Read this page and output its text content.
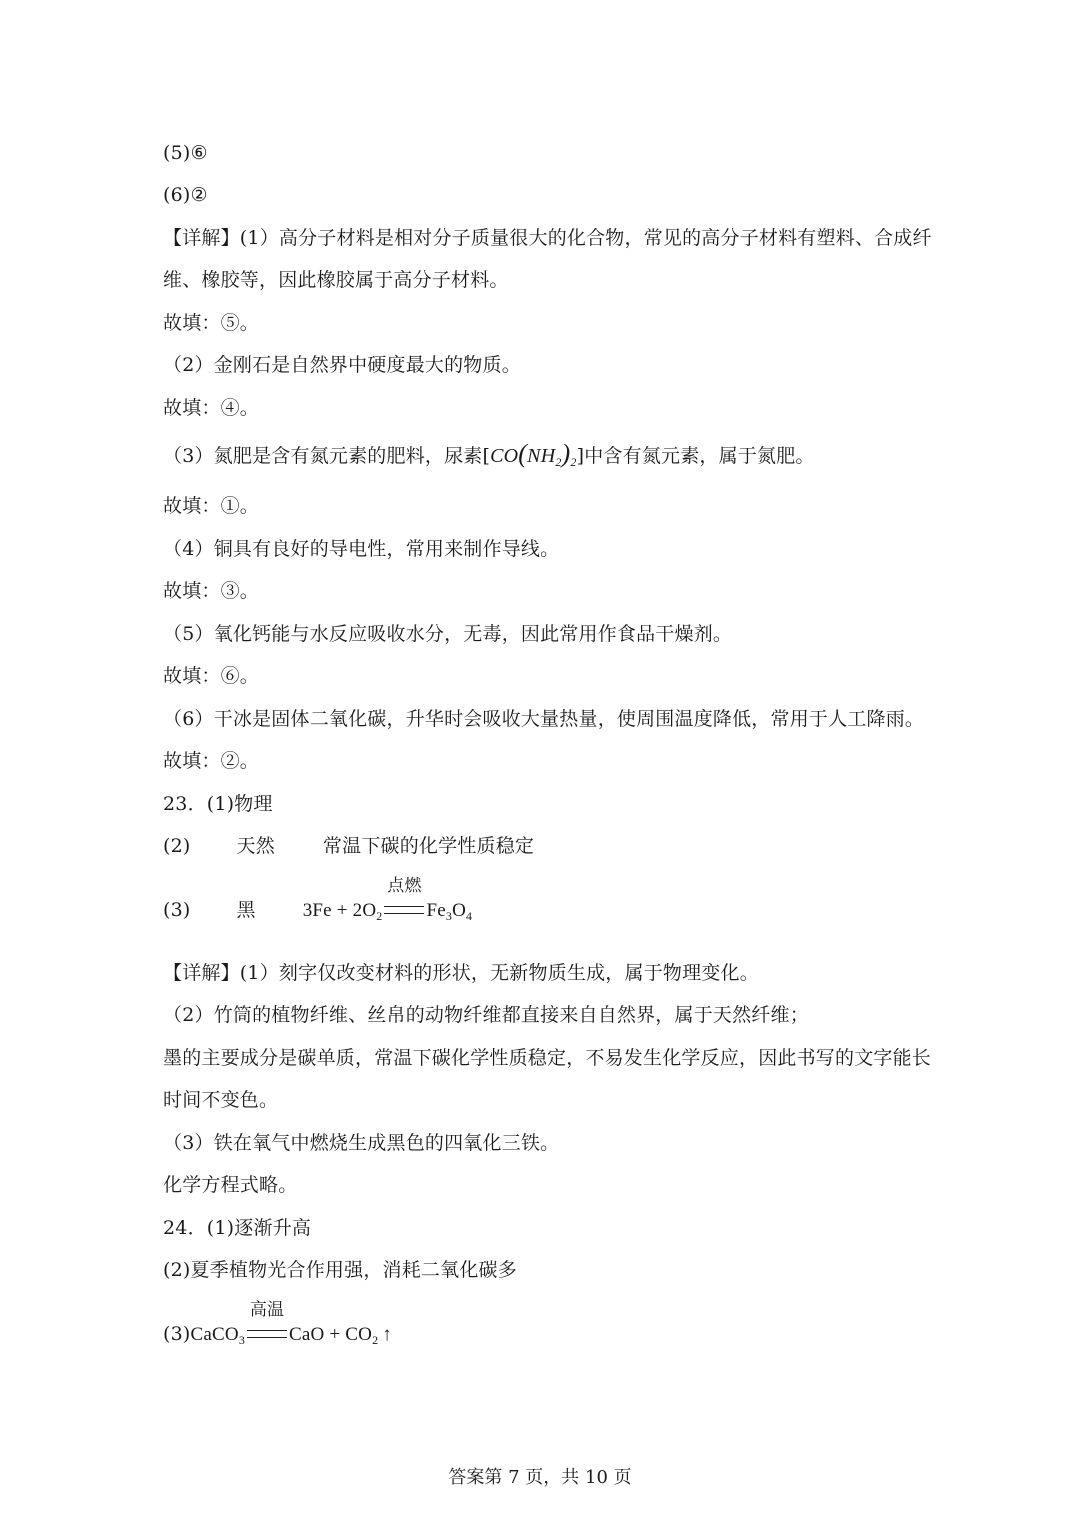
(5)⑥
(6)②
【详解】(1）高分子材料是相对分子质量很大的化合物，常见的高分子材料有塑料、合成纤
维、橡胶等，因此橡胶属于高分子材料。
故填：⑤。
（2）金刚石是自然界中硬度最大的物质。
故填：④。
（3）氮肥是含有氮元素的肥料，尿素$[CO(NH_2)_2]$中含有氮元素，属于氮肥。
故填：①。
（4）铜具有良好的导电性，常用来制作导线。
故填：③。
（5）氧化钙能与水反应吸收水分，无毒，因此常用作食品干燥剂。
故填：⑥。
（6）干冰是固体二氧化碳，升华时会吸收大量热量，使周围温度降低，常用于人工降雨。
故填：②。
23．(1)物理
(2) 天然	常温下碳的化学性质稳定
(3) 黑 $3Fe + 2O_2$
点燃
$Fe_3O_4$
【详解】(1）刻字仅改变材料的形状，无新物质生成，属于物理变化。
（2）竹筒的植物纤维、丝帛的动物纤维都直接来自自然界，属于天然纤维；
墨的主要成分是碳单质，常温下碳化学性质稳定，不易发生化学反应，因此书写的文字能长
时间不变色。
（3）铁在氧气中燃烧生成黑色的四氧化三铁。
化学方程式略。
24．(1)逐渐升高
(2)夏季植物光合作用强，消耗二氧化碳多
(3)CaCO$_3$
高温
CaO + $CO_2$ ↑
答案第 7 页，共 10 页
